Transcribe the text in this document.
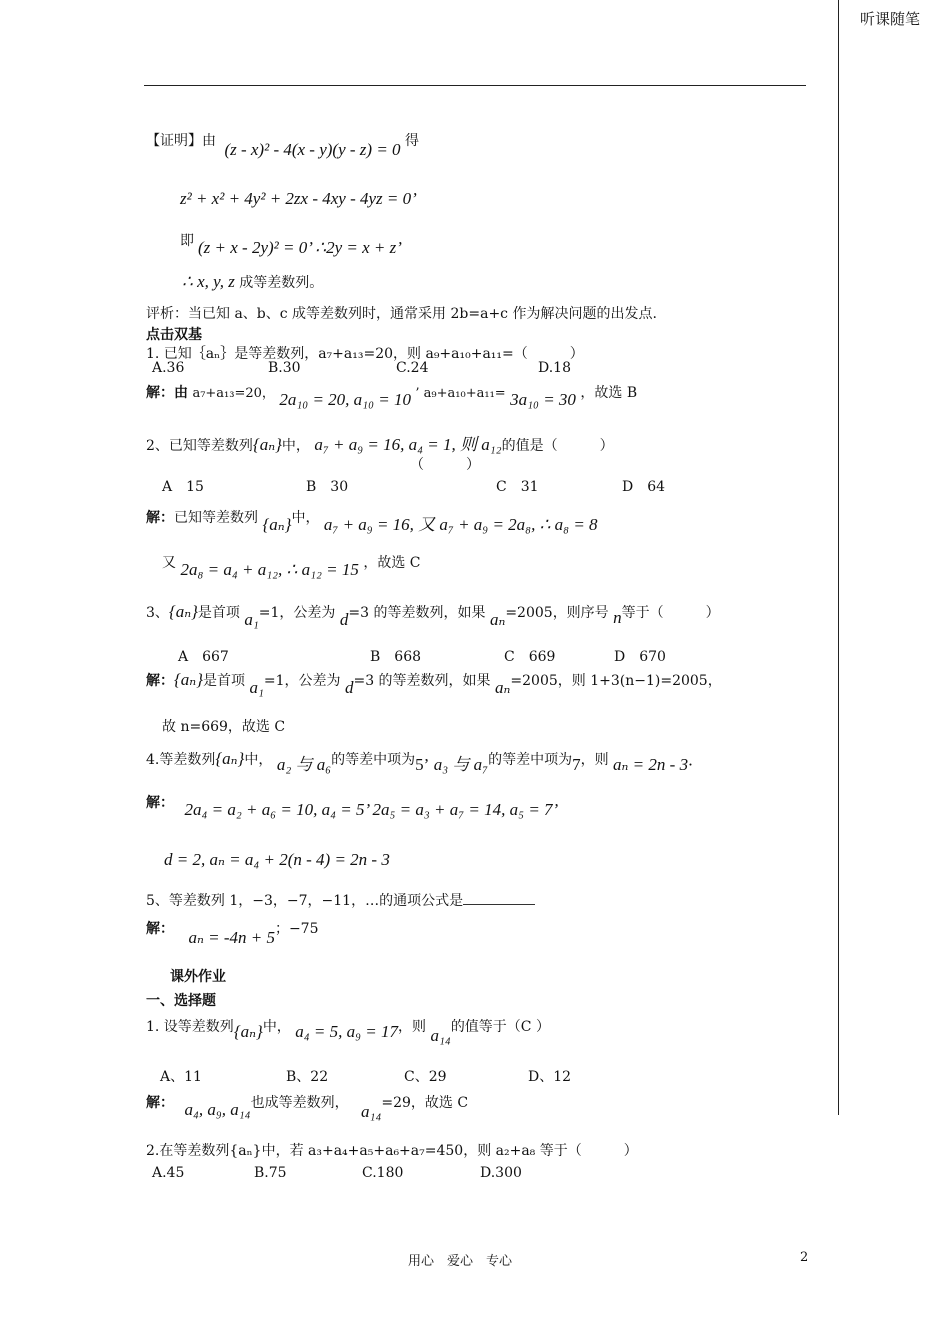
听课随笔
【证明】由 (z - x)² - 4(x - y)(y - z) = 0 得
z² + x² + 4y² + 2zx - 4xy - 4yz = 0’
即 (z + x - 2y)² = 0’ ∴2y = x + z’
∴ x, y, z 成等差数列。
评析：当已知 a、b、c 成等差数列时，通常采用 2b=a+c 作为解决问题的出发点.
点击双基
1. 已知｛aₙ｝是等差数列，a₇+a₁₃=20，则 a₉+a₁₀+a₁₁=（　　　）
A.36	B.30	C.24	D.18
解：由 a₇+a₁₃=20， 2a₁₀ = 20, a₁₀ = 10 ’ a₉+a₁₀+a₁₁= 3a₁₀ = 30 ，故选 B
2、已知等差数列{aₙ}中， a₇ + a₉ = 16, a₄ = 1, 则 a₁₂的值是（　　　）
（　　　）
A　15	B　30	C　31	D　64
解：已知等差数列 {aₙ}中， a₇ + a₉ = 16, 又 a₇ + a₉ = 2a₈, ∴ a₈ = 8
又 2a₈ = a₄ + a₁₂, ∴ a₁₂ = 15 ，故选 C
3、{aₙ}是首项 a₁=1，公差为 d=3 的等差数列，如果 aₙ=2005，则序号 n等于（　　　）
A　667	B　668	C　669	D　670
解：{aₙ}是首项 a₁=1，公差为 d=3 的等差数列，如果 aₙ=2005，则 1+3(n−1)=2005，
故 n=669，故选 C
4.等差数列{aₙ}中， a₂ 与 a₆的等差中项为5’ a₃ 与 a₇的等差中项为7，则 aₙ = 2n - 3·
解： 2a₄ = a₂ + a₆ = 10, a₄ = 5’ 2a₅ = a₃ + a₇ = 14, a₅ = 7’
d = 2, aₙ = a₄ + 2(n - 4) = 2n - 3
5、等差数列 1，−3，−7，−11，…的通项公式是
解： aₙ = -4n + 5；−75
课外作业
一、选择题
1. 设等差数列{aₙ}中， a₄ = 5, a₉ = 17，则 a₁₄的值等于（C ）
A、11	B、22	C、29	D、12
解： a₄, a₉, a₁₄也成等差数列， a₁₄=29，故选 C
2.在等差数列{aₙ}中，若 a₃+a₄+a₅+a₆+a₇=450，则 a₂+a₈ 等于（　　　）
A.45	B.75	C.180	D.300
用心　爱心　专心	2
